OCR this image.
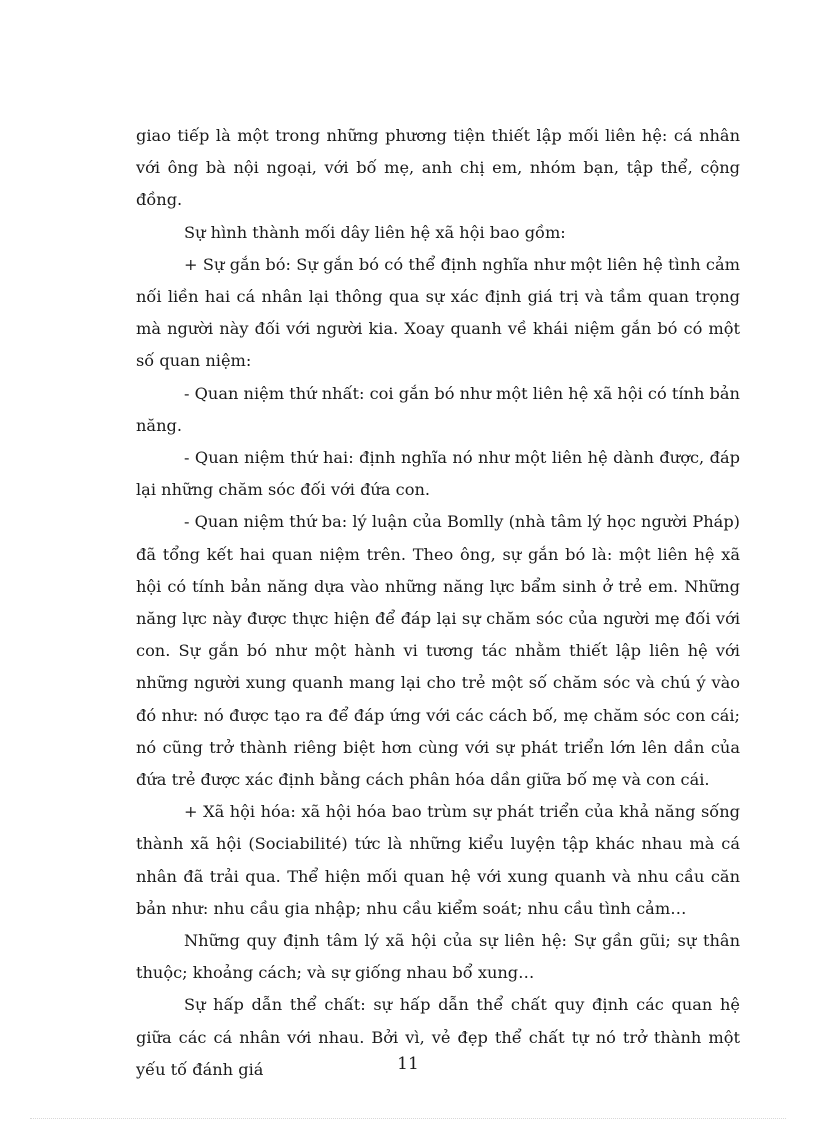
giao tiếp là một trong những phương tiện thiết lập mối liên hệ: cá nhân với ông bà nội ngoại, với bố mẹ, anh chị em, nhóm bạn, tập thể, cộng đồng.

Sự hình thành mối dây liên hệ xã hội bao gồm:

+ Sự gắn bó: Sự gắn bó có thể định nghĩa như một liên hệ tình cảm nối liền hai cá nhân lại thông qua sự xác định giá trị và tầm quan trọng mà người này đối với người kia. Xoay quanh về khái niệm gắn bó có một số quan niệm:

- Quan niệm thứ nhất: coi gắn bó như một liên hệ xã hội có tính bản năng.

- Quan niệm thứ hai: định nghĩa nó như một liên hệ dành được, đáp lại những chăm sóc đối với đứa con.

- Quan niệm thứ ba: lý luận của Bomlly (nhà tâm lý học người Pháp) đã tổng kết hai quan niệm trên. Theo ông, sự gắn bó là: một liên hệ xã hội có tính bản năng dựa vào những năng lực bẩm sinh ở trẻ em. Những năng lực này được thực hiện để đáp lại sự chăm sóc của người mẹ đối với con. Sự gắn bó như một hành vi tương tác nhằm thiết lập liên hệ với những người xung quanh mang lại cho trẻ một số chăm sóc và chú ý vào đó như: nó được tạo ra để đáp ứng với các cách bố, mẹ chăm sóc con cái; nó cũng trở thành riêng biệt hơn cùng với sự phát triển lớn lên dần của đứa trẻ được xác định bằng cách phân hóa dần giữa bố mẹ và con cái.

+ Xã hội hóa: xã hội hóa bao trùm sự phát triển của khả năng sống thành xã hội (Sociabilité) tức là những kiểu luyện tập khác nhau mà cá nhân đã trải qua. Thể hiện mối quan hệ với xung quanh và nhu cầu căn bản như: nhu cầu gia nhập; nhu cầu kiểm soát; nhu cầu tình cảm…

Những quy định tâm lý xã hội của sự liên hệ: Sự gần gũi; sự thân thuộc; khoảng cách; và sự giống nhau bổ xung…

Sự hấp dẫn thể chất: sự hấp dẫn thể chất quy định các quan hệ giữa các cá nhân với nhau. Bởi vì, vẻ đẹp thể chất tự nó trở thành một yếu tố đánh giá	11
